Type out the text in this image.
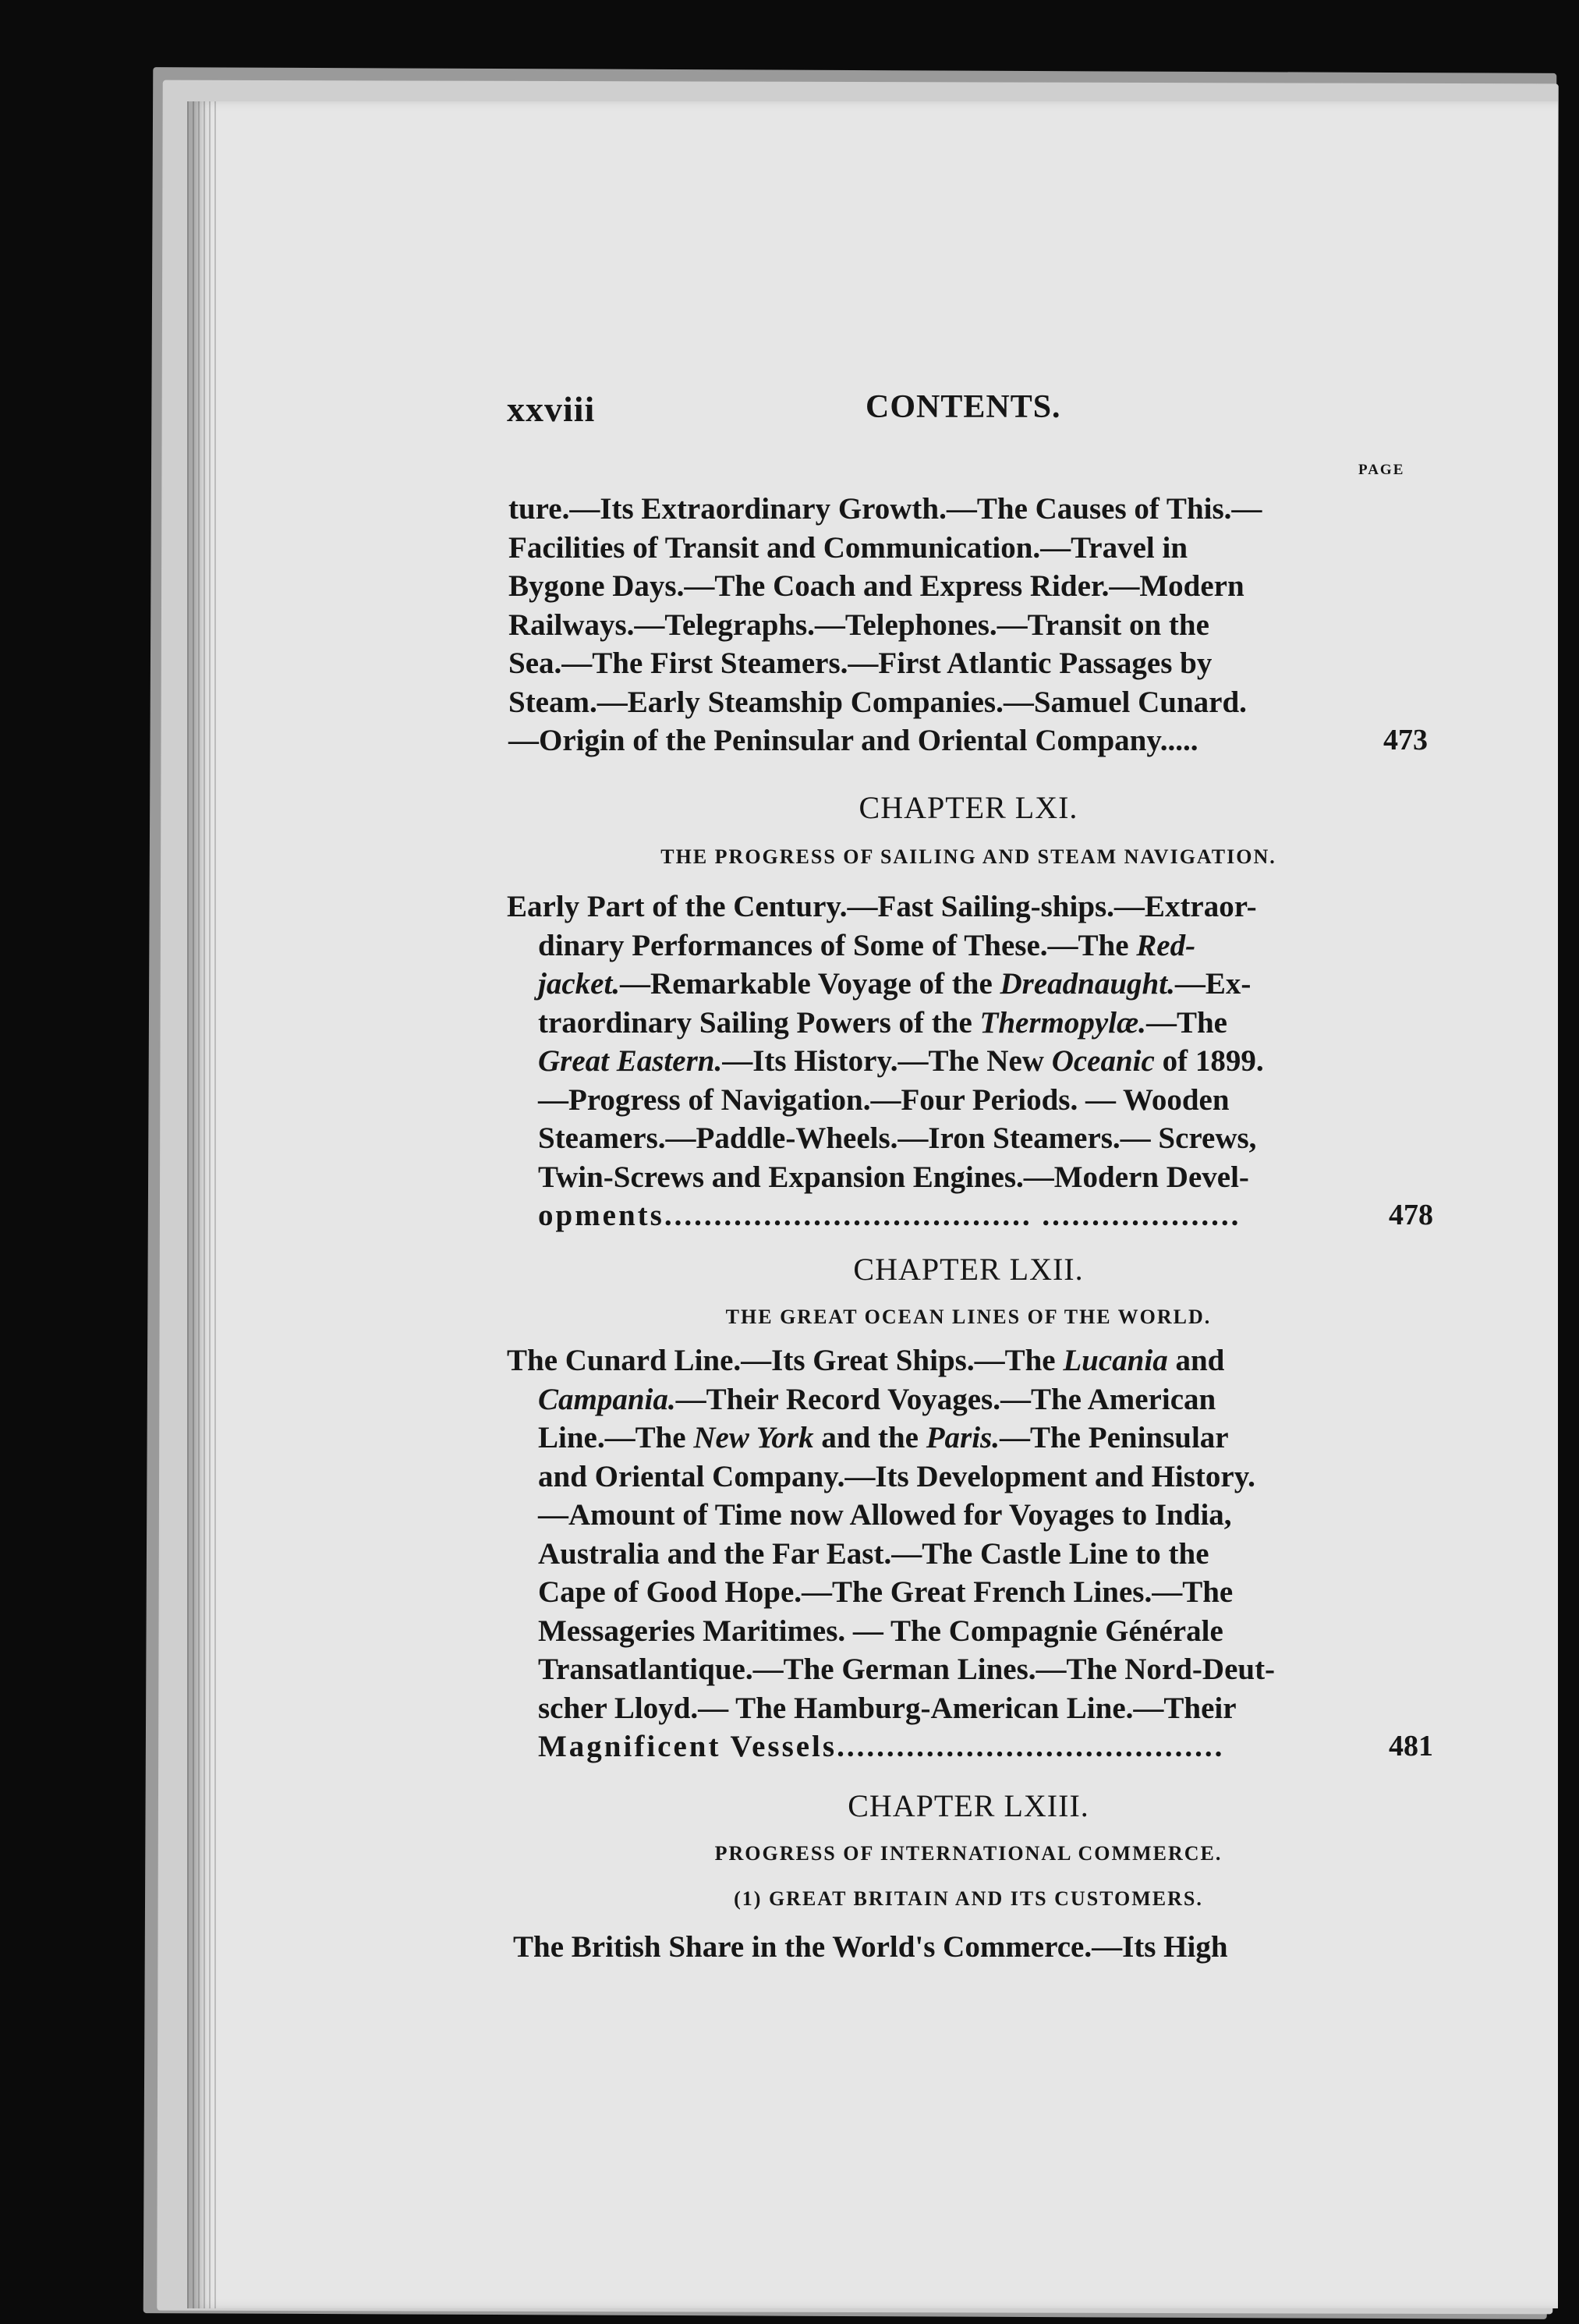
xxviii	CONTENTS.
PAGE
ture.—Its Extraordinary Growth.—The Causes of This.—
Facilities of Transit and Communication.—Travel in
Bygone Days.—The Coach and Express Rider.—Modern
Railways.—Telegraphs.—Telephones.—Transit on the
Sea.—The First Steamers.—First Atlantic Passages by
Steam.—Early Steamship Companies.—Samuel Cunard.
—Origin of the Peninsular and Oriental Company.....	473
CHAPTER LXI.
THE PROGRESS OF SAILING AND STEAM NAVIGATION.
Early Part of the Century.—Fast Sailing-ships.—Extraor-
dinary Performances of Some of These.—The Red-
jacket.—Remarkable Voyage of the Dreadnaught.—Ex-
traordinary Sailing Powers of the Thermopylæ.—The
Great Eastern.—Its History.—The New Oceanic of 1899.
—Progress of Navigation.—Four Periods. — Wooden
Steamers.—Paddle-Wheels.—Iron Steamers.— Screws,
Twin-Screws and Expansion Engines.—Modern Devel-
opments..................................... ....................	478
CHAPTER LXII.
THE GREAT OCEAN LINES OF THE WORLD.
The Cunard Line.—Its Great Ships.—The Lucania and
Campania.—Their Record Voyages.—The American
Line.—The New York and the Paris.—The Peninsular
and Oriental Company.—Its Development and History.
—Amount of Time now Allowed for Voyages to India,
Australia and the Far East.—The Castle Line to the
Cape of Good Hope.—The Great French Lines.—The
Messageries Maritimes. — The Compagnie Générale
Transatlantique.—The German Lines.—The Nord-Deut-
scher Lloyd.— The Hamburg-American Line.—Their
Magnificent Vessels.......................................	481
CHAPTER LXIII.
PROGRESS OF INTERNATIONAL COMMERCE.
(1) GREAT BRITAIN AND ITS CUSTOMERS.
The British Share in the World's Commerce.—Its High
